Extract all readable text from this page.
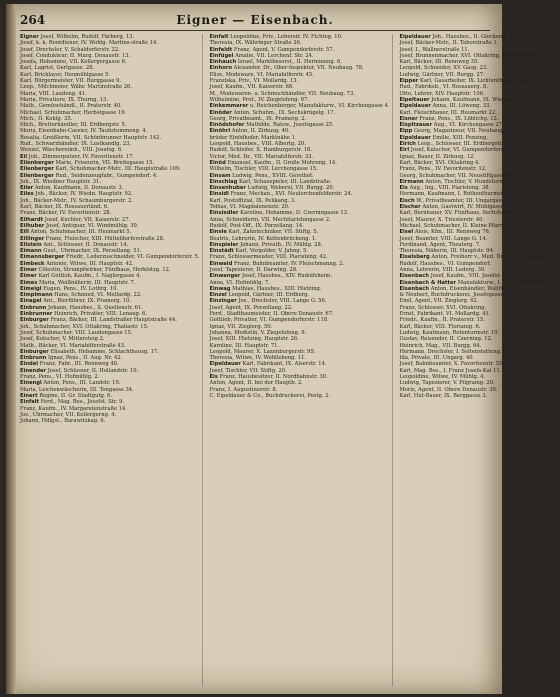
264	Eigner — Eisenbach.

Eigner Josef, Wilhelm, Rudolf, Färberg. 13.

Josef, k. k. Rentdiener, IV. Wohlg. Martins-straße 14.

Josef, Drechsler, V. Schaldorferstr. 22.

Josef, Condukteur, II. Marg. Donaustr. 13.

Josefa, Hebamme, VII. Kollergergasse 6.

Karl, Lagrist, Gerlgasse. 28.

Karl, Bricklayer, Heumühlgasse 5.

Karl, Bürgermeister, VII. Burggasse 9.

Leop., Milchmeier, Währ. Martinstraße 26.

Maria, VIII. Laudong. 41.

Maria, Privatiere, IX. Thurng. 13.

Math., Gemüsehändl., II. Praterstr. 40.

Michael, Schuhmacher, Herbstgasse 19.

Mich., II. Kohlg. 35.

Mich., Bretterhändler, III. Erdbergstr. 5.

Moriz, Eisenbahn-Cassier, IV. Taubstummeng. 4.

Rosalia, Greißlerin, VII. Schönbrunner Hauptstr. 142.

Rud., Schwarzhändler, IX. Lustkandlg. 23.

Wenzel, Wäschereiinh., VIII. Josefsg. 6.

Eil Joh., Zimmerputzer, IV. Favoritenstr. 17.

Eilenberger Marie, Friseurin, VII. Breitegasse 15.

Eilenberger Karl, Schuhmacher-Mstr., III. Hauptstraße 109.

Eilenberger Rud., Seidenzeugfabr., Gumpendorf. 4.

Joh., IX. Wiedner Hauptstr. 31.

Eiler Anton, Kaufmann, II. Donaustr. 3.

Eiles Joh., Bäcker, IV. Wiedn. Hauptstr. 92.

Joh., Bäcker-Mstr., IV. Schaumburgerstr. 2.

Karl, Bäcker, IX. Rossauerländ. 6.

Franz, Bäcker, IV. Favoritenstr. 28.

Eilhardt Josef, Kuchler, VII. Kaiserstr. 27.

Eilhuber Josef, Antiquar, VI. Windmühlg. 30.

Eill Anton, Schuhmacher, III. Heumarkt 5.

Eillinger Franz, Fleischer, XIII. Hütteldorferstraße 28.

Eilstein Ant., Schlosser, II. Donaustr. 14.

Eimann Gust., Uhrmacher, IX. Porzellang. 51.

Eimannsberger Friedr., Lederzuschneider, VI. Gumpendorferstr. 5.

Eimbeck Antonie, Witwe, III. Hauptstr. 42.

Eimer Cölestin, Strumpfwirker, Fünfhaus, Herklotzg. 12.

Eimer Karl Gottlob, Kaufm., I. Naglergasse 4.

Eimes Maria, Weißnäherin, III. Hauptstr. 7.

Eimeigl Eugen, Pens., IV. Lothrg. 10.

Eimplmann Hans, Schmied, VI. Mollardg. 22.

Einagel Ant., Bierführer, IX. Pramerg. 10.

Einbrunn Johann, Hausbes., X. Quellenstr. 61.

Einbrunner Heinrich, Privatier, VIII. Lenaug. 6.

Einburger Franz, Bäcker, III. Landstraßer Hauptstraße 44.

Joh., Schuhmacher, XVI. Ottakring, Thaliastr. 15.

Josef, Schuhmacher, VIII. Laudongasse 15.

Josef, Kutscher, V. Mittersteig 2.

Math., Bäcker, VI. Mariahilferstraße 43.

Einburger Elisabeth, Hebamme, Schlachthausg. 17.

Einbrunn Ignaz, Pens., II. Aug. Nr. 42.

Eindel Franz, Fabr., III. Rennweg 40.

Einender Josef, Schlosser, II. Hollandstr. 10.

Franz, Pens., VI. Hofmühlg. 2.

Einengl Anton, Pens., III. Landstr. 19.

Maria, Leichenwäscherin, III. Tongasse 34.

Einert Regine, II. Gr. Stadtgutg. 6.

Einfalt Ferd., Mag. Bes., Josefst. Str. 9.

Franz, Kaufm., IV. Margaretenstraße 14.

Jos., Uhrmacher, VII. Kollergerng. 4.

Johann, Hdlgst., Barawitzkag. 6.

Einfalt Leopoldine, Priv., Leberstr. IV. Fichteg. 10.

Theresia, IX. Währinger Straße 26.

Einfeldt Franz, Agent, V. Gumpendorferstr. 57.

Einfügel Amalie, VII. Lerchenf. Str. 24.

Einhauch Israel, Marktbesorst., II. Hermineng. 6.

Einhorn Alexander, Dr., Ober-Inspektor, VII. Neubaug. 78.

Elise, Modeware, VI. Mariahilferstr. 45.

Franziska, Priv., VI. Mollardg. 13.

Josef, Kaufm., VII. Kaiserstr. 68.

M., Modewaren- u. Schmuckhändler, VII. Neubaug. 73.

Wilhelmine, Prof., IV. Ziegelofeng. 67.

Einkemmerer u. Reichenberger, Manufakturw., VI. Kirchengasse 4.

Einöder Anton, Schuhm., IX. Sechskrügelg. 17.

Georg, Privatbeamt., IX. Pramerg. 2.

Einödshofer Mathilde, Ratsw., Josefsgasse 25.

Einöhrl Anton, II. Zirkusg. 40.

brüder Einödhofer, Marktnähe 1.

Leopold, Hausbes., VIII. Albertg. 20.

Rudolf, Schleifer, X. Hamburgerstr. 18.

Victor, Med. Dr., VII. Mariahilferstr. 33.

Einöd Emanuel, Kaufm., II. Große Mohreng. 14.

Wilhelm, Tischler, VIII. Lerchengasse 15.

Einsam Ludwig, Pens., XVIII. Gersthof.

Einschlag Karl, Schauspieler, III. Landstraße.

Einsenhuber Ludwig, Weberei, VII. Burgg. 20.

Einsidl Franz, Mechan., XVI. Neulerchenfelderstr. 24.

Karl, Postoffizial, IX. Pelikang. 3.

Tobias, VI. Magdalenenstr. 20.

Einsiedler Karoline, Hebamme, II. Czerningasse 13.

Anna, Schneiderin, VII. Mechitaristengasse 2.

Rudolf, Post-Off., IX. Porzellang. 14.

Einsle Karl, Zahntechniker, VII. Stiftg. 5.

Beatrix, Lehrerin, IV. Kettenbrückeng. 1.

Einspieler Johann, Privatb., IV. Mühlg. 28.

Einstädt Karl, Vergolder, V. Jahng. 5.

Franz, Schlossermeister, VIII. Piaristeng. 42.

Einwald Franz, Bahnbeamter, IV. Fleischmanng. 2.

Josef, Tapezierer, II. Darwing. 28.

Einwanger Josef, Hausbes., XIV. Rudolfsheim.

Anna, VI. Hofmühlg. 7.

Einwag Mathias, Hausbes., XIII. Hietzing.

Einzel Leopold, Gärtner, III. Erdberg.

Einzinger Jos., Drechsler, VIII. Lange G. 56.

Josef, Agent, IX. Porzellang. 22.

Ferd., Stadtbaumeister, II. Obere Donaustr. 67.

Gottlieb, Privatier, VI. Gumpendorferstr. 118.

Ignaz, VII. Zieglerg. 50.

Johanna, Modistin, V. Ziegelofeng. 9.

Josef, XIII. Hietzing, Hauptstr. 26.

Karoline, III. Hauptstr. 71.

Leopold, Maurer, X. Laxenburgerstr. 95.

Theresia, Witwe, IV. Wohllebeng. 11.

Eipeldauer Karl, Fabrikant, IX. Alserstr. 14.

Josef, Tischler, VII. Stiftg. 20.

Eis Franz, Hausbesitzer, II. Nordbahnstr. 30.

Anton, Agent, II. bei der Hauptb. 2.

Franz, I. Augustinerstr. 8.

C. Eipeldauer & Co., Buchdruckerei, Postg. 2.

Eipeldauer Joh., Hausbes., II. Glockeng. 8.

Josef, Bäcker-Mstr., II. Taborstraße 1.

Josef, I., Wallnerstraße 11.

Josef, Brunnenmacher, XVI. Ottakring, Neulerchenf. 14.

Karl, Bäcker, III. Rennweg 35.

Leopold, Schneider, XV. Gasg. 23.

Ludwig, Gärtner, VII. Burgg. 27.

Eipper Karl, Gasarbeiter, IX. Lichtenthalerstraße 13.

Rud., Fabriksb., VI. Rossauerg. 8.

Otto, Lehrer, XIV. Hauptstr. 106.

Eipeltauer Johann, Kaufmann, IX. Wienstr. 5.

Eipeldauer Anna, III. Löweng. 33.

Karl, Fleischhauer, III. Heumarkt 22.

Eisner Franz, Pens., IX. Löblichg. 12.

Eispitzauer Aug., VI. Kirchengasse 27.

Eipp Georg, Magazineur, VII. Neubaug. 8.

Eipeldauer Emilie, XIII. Penzing.

Eirich Leop., Schlosser, III. Erdbergstr. 7.

Eirl Josef, Kutscher, VI. Gumpendorferstraße 60.

Ignaz, Bauer, II. Zirkusg. 12.

Karl, Bäcker, XVI. Ottakring 4.

Franz, Pens., IV. Favoritenstr. 12.

Georg, Schuhmacher, VII. Neustiftgasse 40.

Eirmann Anton, Tischler, V. Hundsturm 5.

Eis Aug., Ing., VIII. Piaristeng. 38.

Hermann, Kaufmann, I. Rothenthurmstraße 9.

Eisch W., Privatbeamter, III. Ungargasse 18.

Eischer Anton, Gastwirt, IV. Mühlgasse 26.

Karl, Bernhauer, XV. Fünfhaus, Sechshausstr. 14.

Josef, Maurer, X. Triesterstr. 40.

Michael, Schuhmacher, II. Kleine Pfarrg. 12.

Eisel Alois, Kfm., III. Rennweg 76.

Josef, Beamter, VIII. Lange G. 14.

Ferdinand, Agent, Theaterg. 7.

Theresia, Näherin, III. Hauptstr. 94.

Eiselsberg Anton, Freiherr v., Med. Dr., IX. Frankgasse 10.

Rudolf, Hausbes., VI. Gumpendorf.

Anna, Lehrerin, VIII. Lederg. 30.

Eisenbach Josef, Kaufm., VIII. Josefst. Str. 28.

Eisenbach & Hatter Manufakturw., I. Wildpretmarkt 6.

Eisenbach Anton, Eisenhändler, Wallfischg. 3.

& Neubert, Buchdruckerei, Josefsgasse 8.

Emil, Agent, VII. Zieglerg. 62.

Franz, Schlosser, XVI. Ottakring.

Ernst, Fabrikant, VI. Mollardg. 41.

Friedr., Kaufm., II. Praterstr. 15.

Karl, Bäcker, VIII. Florianig. 6.

Ludwig, Kaufmann, Rotenturmstr. 19.

Gustav, Reisender, II. Czerning. 12.

Heinrich, Mag., VII. Burgg. 64.

Hermann, Drechsler, I. Seitenstetteng. 4.

Ida, Private, III. Ungarg. 40.

Josef, Bahnbeamter, X. Favoritenstr. 55.

Karl, Mag. Bes., I. Franz Josefs-Kai 11.

Leopoldine, Witwe, IV. Mühlg. 4.

Ludwig, Tapezierer, V. Pilgramg. 20.

Moriz, Agent, II. Obere Donaustr. 30.

Karl, Hut-Bauer, IX. Berggasse 3.
